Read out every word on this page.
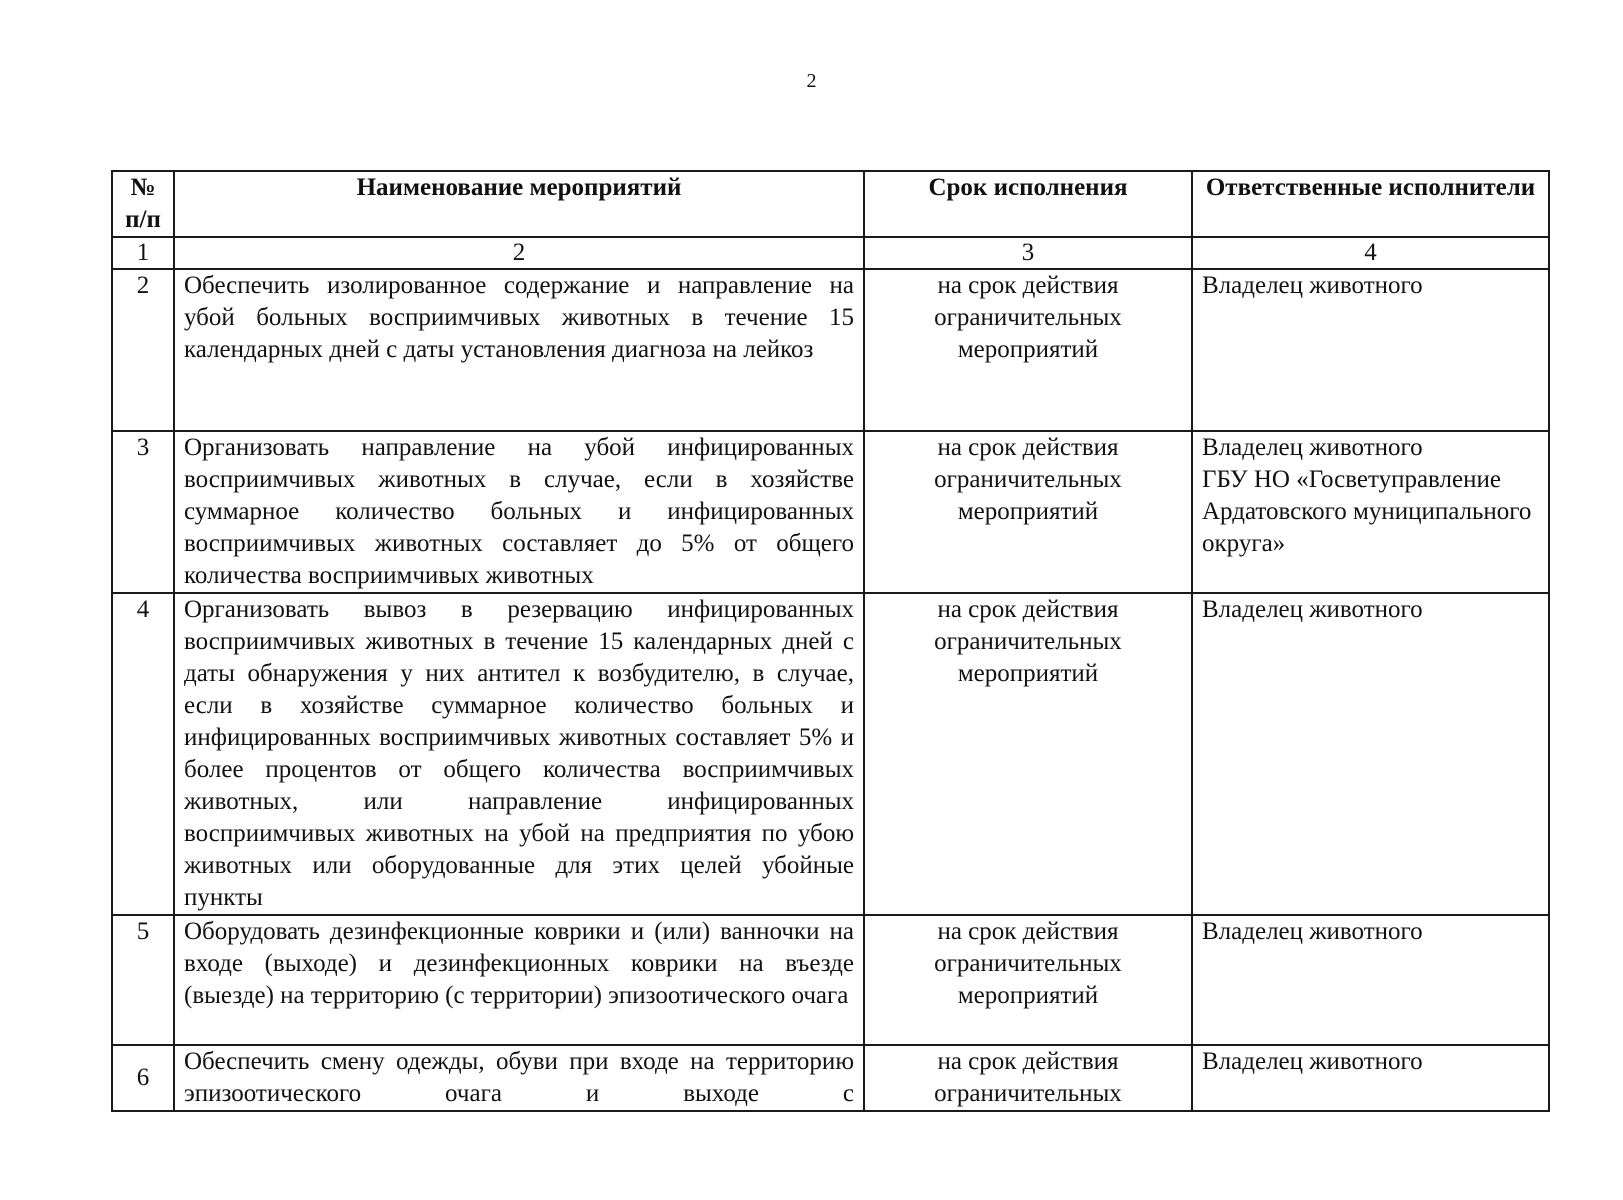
2
№ п/п	Наименование мероприятий	Срок исполнения	Ответственные исполнители
1	2	3	4
2	Обеспечить изолированное содержание и направление на убой больных восприимчивых животных в течение 15 календарных дней с даты установления диагноза на лейкоз	на срок действия ограничительных мероприятий	Владелец животного

3	Организовать направление на убой инфицированных восприимчивых животных в случае, если в хозяйстве суммарное количество больных и инфицированных восприимчивых животных составляет до 5% от общего количества восприимчивых животных	на срок действия ограничительных мероприятий	Владелец животного
ГБУ НО «Госветуправление Ардатовского муниципального округа»

4	Организовать вывоз в резервацию инфицированных восприимчивых животных в течение 15 календарных дней с даты обнаружения у них антител к возбудителю, в случае, если в хозяйстве суммарное количество больных и инфицированных восприимчивых животных составляет 5% и более процентов от общего количества восприимчивых животных, или направление инфицированных восприимчивых животных на убой на предприятия по убою животных или оборудованные для этих целей убойные пункты	на срок действия ограничительных мероприятий	Владелец животного

5	Оборудовать дезинфекционные коврики и (или) ванночки на входе (выходе) и дезинфекционных коврики на въезде (выезде) на территорию (с территории) эпизоотического очага	на срок действия ограничительных мероприятий	Владелец животного

6	Обеспечить смену одежды, обуви при входе на территорию эпизоотического очага и выходе с	на срок действия ограничительных	Владелец животного
